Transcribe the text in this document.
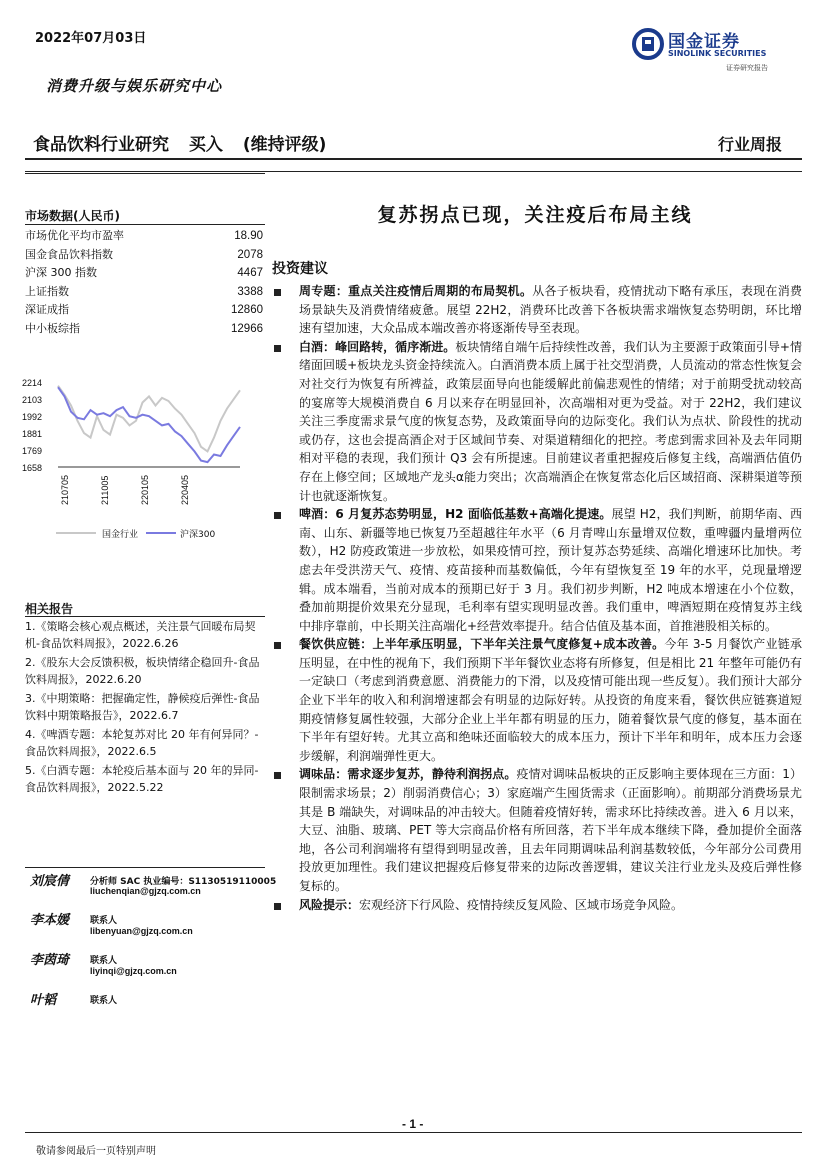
2022年07月03日	国金证券
SINOLINK SECURITIES
证券研究报告
消费升级与娱乐研究中心
食品饮料行业研究 买入 (维持评级)	行业周报
市场数据(人民币)
市场优化平均市盈率	18.90
国金食品饮料指数	2078
沪深 300 指数	4467
上证指数	3388
深证成指	12860
中小板综指	12966
2214
2103
1992
1881
1769
1658
210705	211005	220105	220405
国金行业	沪深300
相关报告
1.《策略会核心观点概述，关注景气回暖布局契机-食品饮料周报》，2022.6.26
2.《股东大会反馈积极，板块情绪企稳回升-食品饮料周报》，2022.6.20
3.《中期策略：把握确定性，静候疫后弹性-食品饮料中期策略报告》，2022.6.7
4.《啤酒专题：本轮复苏对比 20 年有何异同？-食品饮料周报》，2022.6.5
5.《白酒专题：本轮疫后基本面与 20 年的异同-食品饮料周报》，2022.5.22
刘宸倩 分析师 SAC 执业编号：S1130519110005
liuchenqian@gjzq.com.cn
李本媛 联系人
libenyuan@gjzq.com.cn
李茵琦 联系人
liyinqi@gjzq.com.cn
叶韬	联系人
复苏拐点已现，关注疫后布局主线
投资建议
周专题：重点关注疫情后周期的布局契机。从各子板块看，疫情扰动下略有承压，表现在消费场景缺失及消费情绪疲惫。展望 22H2，消费环比改善下各板块需求端恢复态势明朗，环比增速有望加速，大众品成本端改善亦将逐渐传导至表现。
白酒：峰回路转，循序渐进。板块情绪自端午后持续性改善，我们认为主要源于政策面引导+情绪面回暖+板块龙头资金持续流入。白酒消费本质上属于社交型消费，人员流动的常态性恢复会对社交行为恢复有所裨益，政策层面导向也能缓解此前偏悲观性的情绪；对于前期受扰动较高的宴席等大规模消费自 6 月以来存在明显回补，次高端相对更为受益。对于 22H2，我们建议关注三季度需求景气度的恢复态势，及政策面导向的边际变化。我们认为点状、阶段性的扰动或仍存，这也会提高酒企对于区域间节奏、对渠道精细化的把控。考虑到需求回补及去年同期相对平稳的表现，我们预计 Q3 会有所提速。目前建议者重把握疫后修复主线，高端酒估值仍存在上修空间；区域地产龙头α能力突出；次高端酒企在恢复常态化后区域招商、深耕渠道等预计也就逐渐恢复。
啤酒：6 月复苏态势明显，H2 面临低基数+高端化提速。展望 H2，我们判断，前期华南、西南、山东、新疆等地已恢复乃至超越往年水平（6 月青啤山东量增双位数，重啤疆内量增两位数），H2 防疫政策进一步放松，如果疫情可控，预计复苏态势延续、高端化增速环比加快。考虑去年受洪涝天气、疫情、疫苗接种而基数偏低，今年有望恢复至 19 年的水平，兑现量增逻辑。成本端看，当前对成本的预期已好于 3 月。我们初步判断，H2 吨成本增速在小个位数，叠加前期提价效果充分显现，毛利率有望实现明显改善。我们重申，啤酒短期在疫情复苏主线中排序靠前，中长期关注高端化+经营效率提升。结合估值及基本面，首推港股相关标的。
餐饮供应链：上半年承压明显，下半年关注景气度修复+成本改善。今年 3-5 月餐饮产业链承压明显，在中性的视角下，我们预期下半年餐饮业态将有所修复，但是相比 21 年整年可能仍有一定缺口（考虑到消费意愿、消费能力的下滑，以及疫情可能出现一些反复）。我们预计大部分企业下半年的收入和利润增速都会有明显的边际好转。从投资的角度来看，餐饮供应链赛道短期疫情修复属性较强，大部分企业上半年都有明显的压力，随着餐饮景气度的修复，基本面在下半年有望好转。尤其立高和绝味还面临较大的成本压力，预计下半年和明年，成本压力会逐步缓解，利润端弹性更大。
调味品：需求逐步复苏，静待利润拐点。疫情对调味品板块的正反影响主要体现在三方面：1）限制需求场景；2）削弱消费信心；3）家庭端产生囤货需求（正面影响）。前期部分消费场景尤其是 B 端缺失，对调味品的冲击较大。但随着疫情好转，需求环比持续改善。进入 6 月以来，大豆、油脂、玻璃、PET 等大宗商品价格有所回落，若下半年成本继续下降，叠加提价全面落地，各公司利润端将有望得到明显改善，且去年同期调味品利润基数较低，今年部分公司费用投放更加理性。我们建议把握疫后修复带来的边际改善逻辑，建议关注行业龙头及疫后弹性修复标的。
风险提示：宏观经济下行风险、疫情持续反复风险、区域市场竞争风险。
- 1 -
敬请参阅最后一页特别声明
